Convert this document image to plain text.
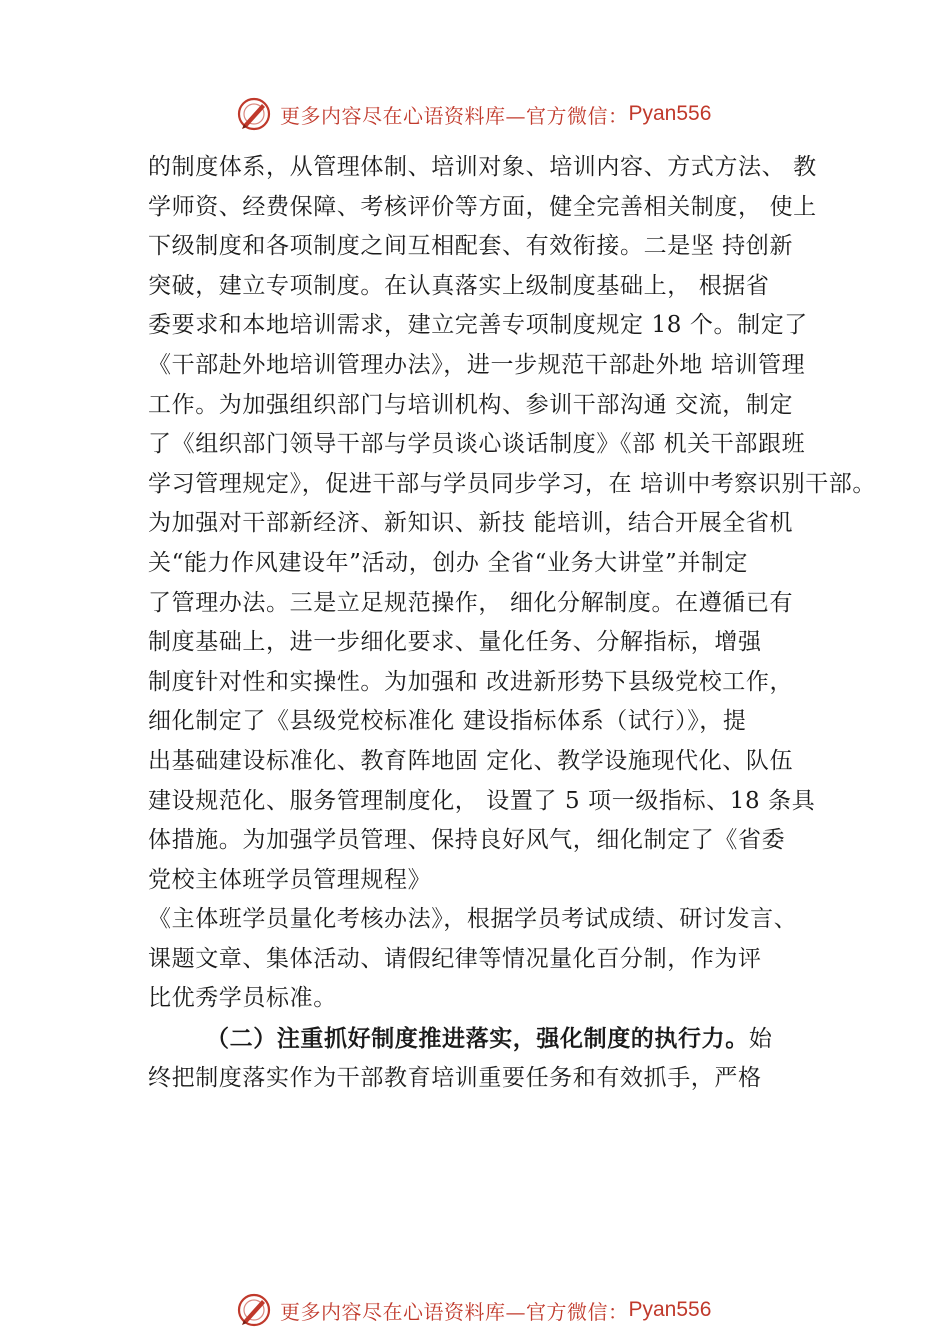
更多内容尽在心语资料库—官方微信： Pyan556
的制度体系，从管理体制、培训对象、培训内容、方式方法、 教
学师资、经费保障、考核评价等方面，健全完善相关制度， 使上
下级制度和各项制度之间互相配套、有效衔接。二是坚 持创新
突破，建立专项制度。在认真落实上级制度基础上， 根据省
委要求和本地培训需求，建立完善专项制度规定 18 个。制定了
《干部赴外地培训管理办法》，进一步规范干部赴外地 培训管理
工作。为加强组织部门与培训机构、参训干部沟通 交流，制定
了《组织部门领导干部与学员谈心谈话制度》《部 机关干部跟班
学习管理规定》，促进干部与学员同步学习，在 培训中考察识别干部。
为加强对干部新经济、新知识、新技 能培训，结合开展全省机
关“能力作风建设年”活动，创办 全省“业务大讲堂”并制定
了管理办法。三是立足规范操作， 细化分解制度。在遵循已有
制度基础上，进一步细化要求、量化任务、分解指标，增强
制度针对性和实操性。为加强和 改进新形势下县级党校工作，
细化制定了《县级党校标准化 建设指标体系（试行）》，提
出基础建设标准化、教育阵地固 定化、教学设施现代化、队伍
建设规范化、服务管理制度化， 设置了 5 项一级指标、18 条具
体措施。为加强学员管理、保持良好风气，细化制定了《省委
党校主体班学员管理规程》
《主体班学员量化考核办法》，根据学员考试成绩、研讨发言、
课题文章、集体活动、请假纪律等情况量化百分制，作为评
比优秀学员标准。
（二）注重抓好制度推进落实，强化制度的执行力。始
终把制度落实作为干部教育培训重要任务和有效抓手，严格
更多内容尽在心语资料库—官方微信： Pyan556
